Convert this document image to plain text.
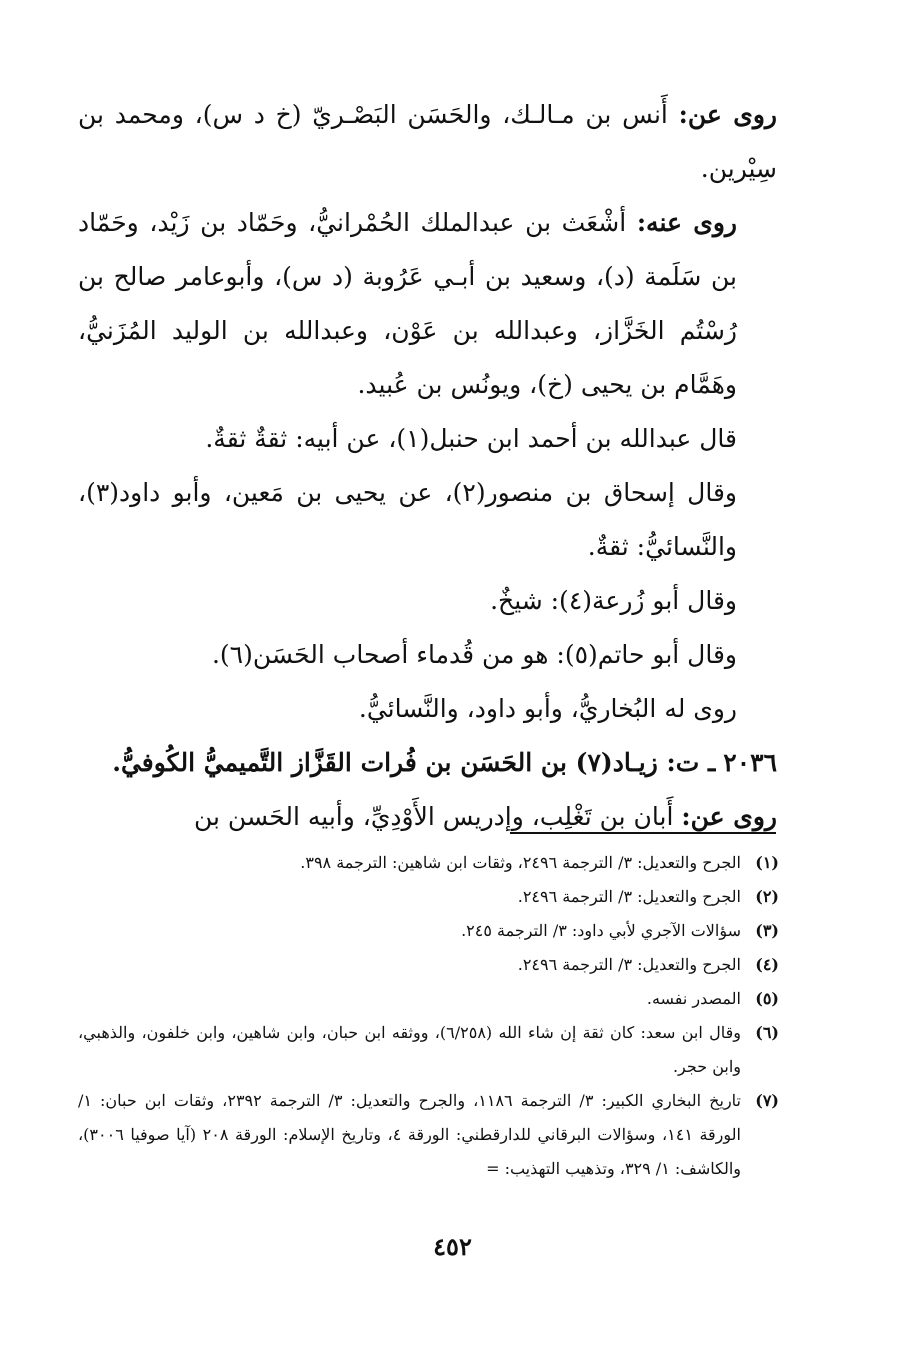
روى عن: أَنس بن مـالـك، والحَسَن البَصْـريّ (خ د س)، ومحمد بن سِيْرين.

روى عنه: أشْعَث بن عبدالملك الحُمْرانيُّ، وحَمّاد بن زَيْد، وحَمّاد بن سَلَمة (د)، وسعيد بن أبـي عَرُوبة (د س)، وأبوعامر صالح بن رُسْتُم الخَزَّاز، وعبدالله بن عَوْن، وعبدالله بن الوليد المُزَنيُّ، وهَمَّام بن يحيى (خ)، ويونُس بن عُبيد.

قال عبدالله بن أحمد ابن حنبل(١)، عن أبيه: ثقةٌ ثقةٌ.

وقال إسحاق بن منصور(٢)، عن يحيى بن مَعين، وأبو داود(٣)، والنَّسائيُّ: ثقةٌ.

وقال أبو زُرعة(٤): شيخٌ.

وقال أبو حاتم(٥): هو من قُدماء أصحاب الحَسَن(٦).

روى له البُخاريُّ، وأبو داود، والنَّسائيُّ.

٢٠٣٦ ـ ت: زيـاد(٧) بن الحَسَن بن فُرات القَزَّاز التَّميميُّ الكُوفيُّ.

روى عن: أَبان بن تَغْلِب، وإدريس الأَوْدِيِّ، وأبيه الحَسن بن

(١)
الجرح والتعديل: ٣/ الترجمة ٢٤٩٦، وثقات ابن شاهين: الترجمة ٣٩٨.
(٢)
الجرح والتعديل: ٣/ الترجمة ٢٤٩٦.
(٣)
سؤالات الآجري لأبي داود: ٣/ الترجمة ٢٤٥.
(٤)
الجرح والتعديل: ٣/ الترجمة ٢٤٩٦.
(٥)
المصدر نفسه.
(٦)
وقال ابن سعد: كان ثقة إن شاء الله (٦/٢٥٨)، ووثقه ابن حبان، وابن شاهين، وابن خلفون، والذهبي، وابن حجر.
(٧)
تاريخ البخاري الكبير: ٣/ الترجمة ١١٨٦، والجرح والتعديل: ٣/ الترجمة ٢٣٩٢، وثقات ابن حبان: ١/الورقة ١٤١، وسؤالات البرقاني للدارقطني: الورقة ٤، وتاريخ الإسلام: الورقة ٢٠٨ (آيا صوفيا ٣٠٠٦)، والكاشف: ١/ ٣٢٩، وتذهيب التهذيب: =
٤٥٢
